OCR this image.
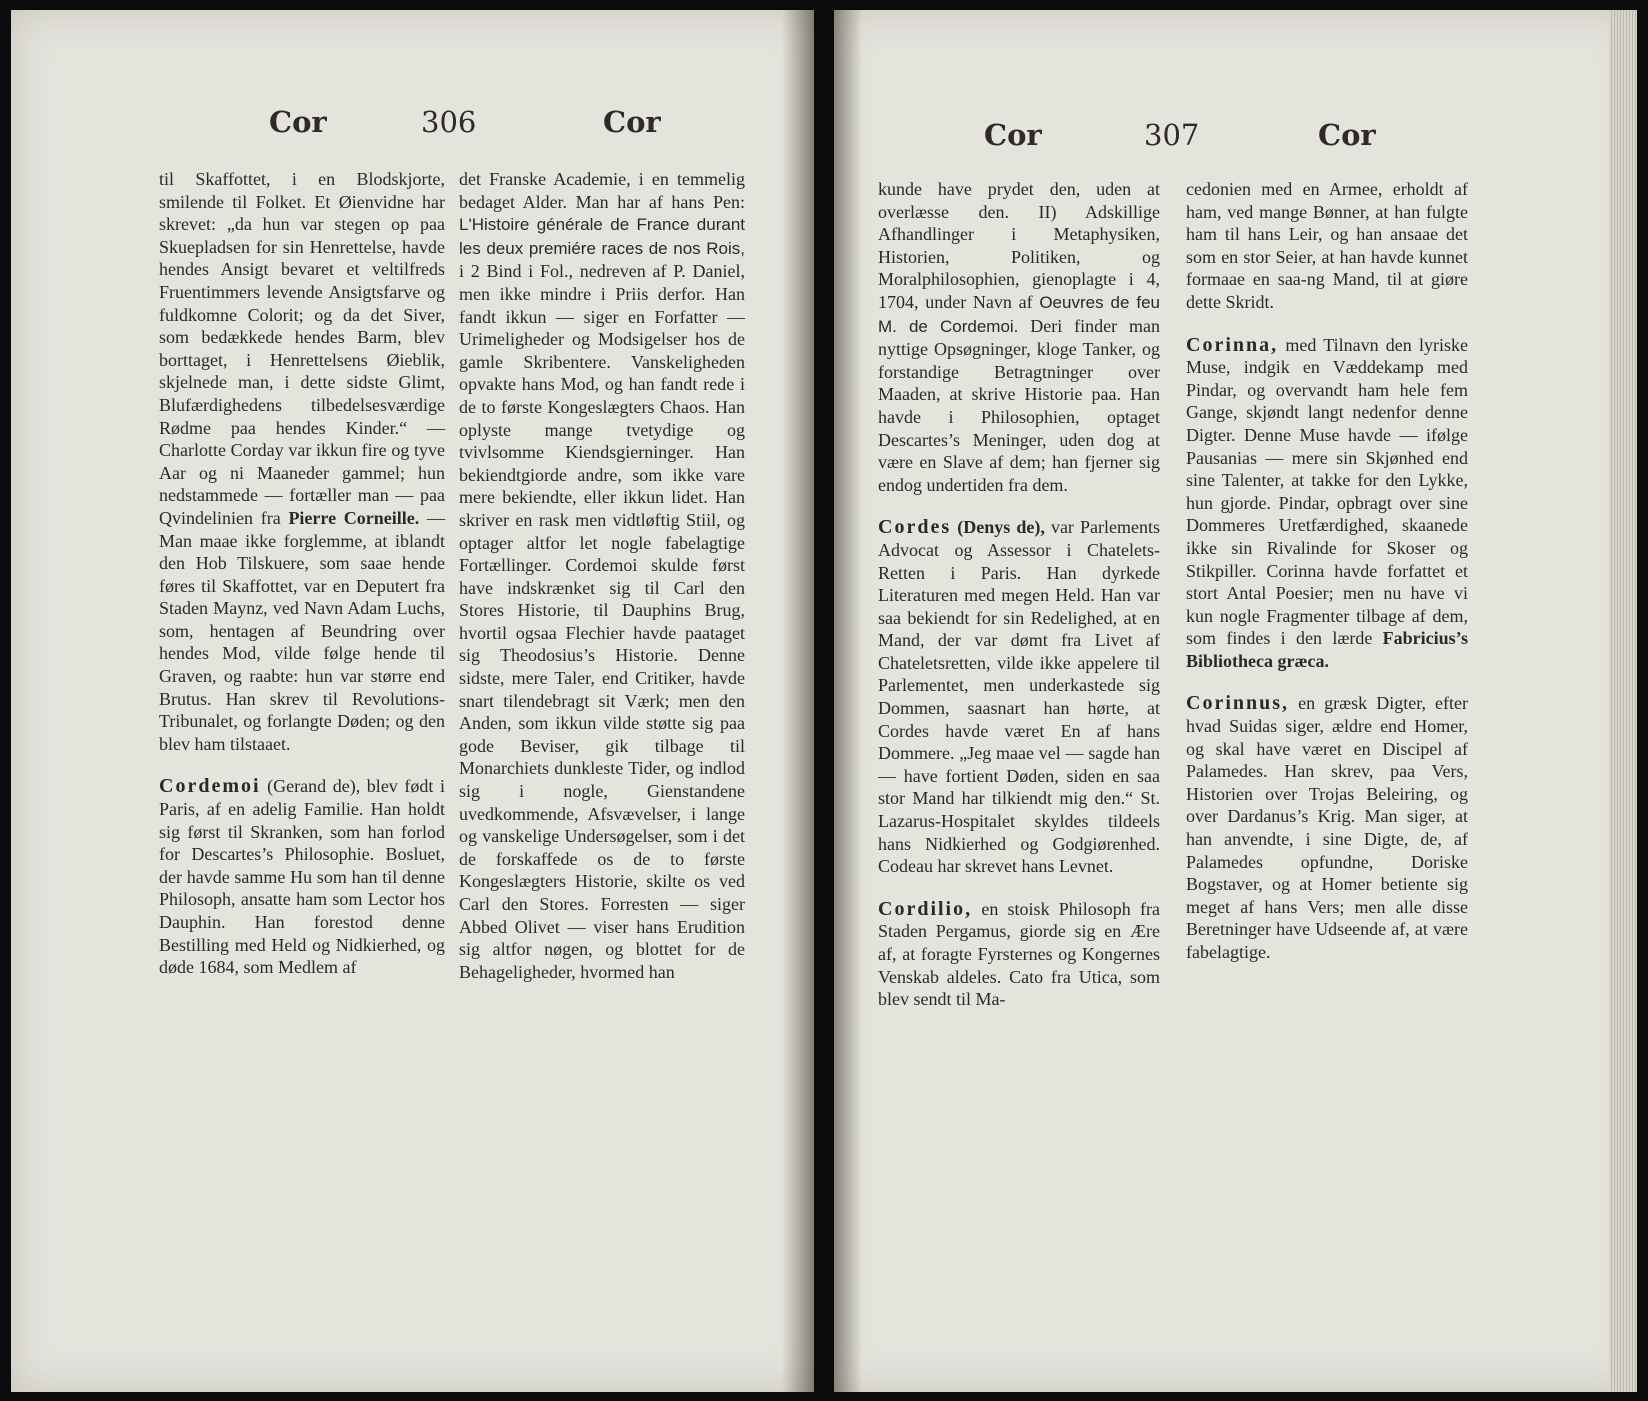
Cor	306	Cor

til Skaffottet, i en Blodskjorte, smilende til Folket. Et Øienvidne har skrevet: „da hun var stegen op paa Skuepladsen for sin Henrettelse, havde hendes Ansigt bevaret et veltilfreds Fruentimmers levende Ansigtsfarve og fuldkomne Colorit; og da det Siver, som bedækkede hendes Barm, blev borttaget, i Henrettelsens Øieblik, skjelnede man, i dette sidste Glimt, Blufærdighedens tilbedelsesværdige Rødme paa hendes Kinder.“ — Charlotte Corday var ikkun fire og tyve Aar og ni Maaneder gammel; hun nedstammede — fortæller man — paa Qvindelinien fra Pierre Corneille. — Man maae ikke forglemme, at iblandt den Hob Tilskuere, som saae hende føres til Skaffottet, var en Deputert fra Staden Maynz, ved Navn Adam Luchs, som, hentagen af Beundring over hendes Mod, vilde følge hende til Graven, og raabte: hun var større end Brutus. Han skrev til Revolutions-Tribunalet, og forlangte Døden; og den blev ham tilstaaet.

Cordemoi (Gerand de), blev født i Paris, af en adelig Familie. Han holdt sig først til Skranken, som han forlod for Descartes’s Philosophie. Bosluet, der havde samme Hu som han til denne Philosoph, ansatte ham som Lector hos Dauphin. Han forestod denne Bestilling med Held og Nidkierhed, og døde 1684, som Medlem af

det Franske Academie, i en temmelig bedaget Alder. Man har af hans Pen: L'Histoire générale de France durant les deux premiére races de nos Rois, i 2 Bind i Fol., nedreven af P. Daniel, men ikke mindre i Priis derfor. Han fandt ikkun — siger en Forfatter — Urimeligheder og Modsigelser hos de gamle Skribentere. Vanskeligheden opvakte hans Mod, og han fandt rede i de to første Kongeslægters Chaos. Han oplyste mange tvetydige og tvivlsomme Kiendsgierninger. Han bekiendtgiorde andre, som ikke vare mere bekiendte, eller ikkun lidet. Han skriver en rask men vidtløftig Stiil, og optager altfor let nogle fabelagtige Fortællinger. Cordemoi skulde først have indskrænket sig til Carl den Stores Historie, til Dauphins Brug, hvortil ogsaa Flechier havde paataget sig Theodosius’s Historie. Denne sidste, mere Taler, end Critiker, havde snart tilendebragt sit Værk; men den Anden, som ikkun vilde støtte sig paa gode Beviser, gik tilbage til Monarchiets dunkleste Tider, og indlod sig i nogle, Gienstandene uvedkommende, Afsvævelser, i lange og vanskelige Undersøgelser, som i det de forskaffede os de to første Kongeslægters Historie, skilte os ved Carl den Stores. Forresten — siger Abbed Olivet — viser hans Erudition sig altfor nøgen, og blottet for de Behageligheder, hvormed han

Cor	307	Cor

kunde have prydet den, uden at overlæsse den. II) Adskillige Afhandlinger i Metaphysiken, Historien, Politiken, og Moralphilosophien, gienoplagte i 4, 1704, under Navn af Oeuvres de feu M. de Cordemoi. Deri finder man nyttige Opsøgninger, kloge Tanker, og forstandige Betragtninger over Maaden, at skrive Historie paa. Han havde i Philosophien, optaget Descartes’s Meninger, uden dog at være en Slave af dem; han fjerner sig endog undertiden fra dem.

Cordes (Denys de), var Parlements Advocat og Assessor i Chatelets-Retten i Paris. Han dyrkede Literaturen med megen Held. Han var saa bekiendt for sin Redelighed, at en Mand, der var dømt fra Livet af Chateletsretten, vilde ikke appelere til Parlementet, men underkastede sig Dommen, saasnart han hørte, at Cordes havde været En af hans Dommere. „Jeg maae vel — sagde han — have fortient Døden, siden en saa stor Mand har tilkiendt mig den.“ St. Lazarus-Hospitalet skyldes tildeels hans Nidkierhed og Godgiørenhed. Codeau har skrevet hans Levnet.

Cordilio, en stoisk Philosoph fra Staden Pergamus, giorde sig en Ære af, at foragte Fyrsternes og Kongernes Venskab aldeles. Cato fra Utica, som blev sendt til Ma-

cedonien med en Armee, erholdt af ham, ved mange Bønner, at han fulgte ham til hans Leir, og han ansaae det som en stor Seier, at han havde kunnet formaae en saa-ng Mand, til at giøre dette Skridt.

Corinna, med Tilnavn den lyriske Muse, indgik en Væddekamp med Pindar, og overvandt ham hele fem Gange, skjøndt langt nedenfor denne Digter. Denne Muse havde — ifølge Pausanias — mere sin Skjønhed end sine Talenter, at takke for den Lykke, hun gjorde. Pindar, opbragt over sine Dommeres Uretfærdighed, skaanede ikke sin Rivalinde for Skoser og Stikpiller. Corinna havde forfattet et stort Antal Poesier; men nu have vi kun nogle Fragmenter tilbage af dem, som findes i den lærde Fabricius’s Bibliotheca græca.

Corinnus, en græsk Digter, efter hvad Suidas siger, ældre end Homer, og skal have været en Discipel af Palamedes. Han skrev, paa Vers, Historien over Trojas Beleiring, og over Dardanus’s Krig. Man siger, at han anvendte, i sine Digte, de, af Palamedes opfundne, Doriske Bogstaver, og at Homer betiente sig meget af hans Vers; men alle disse Beretninger have Udseende af, at være fabelagtige.
